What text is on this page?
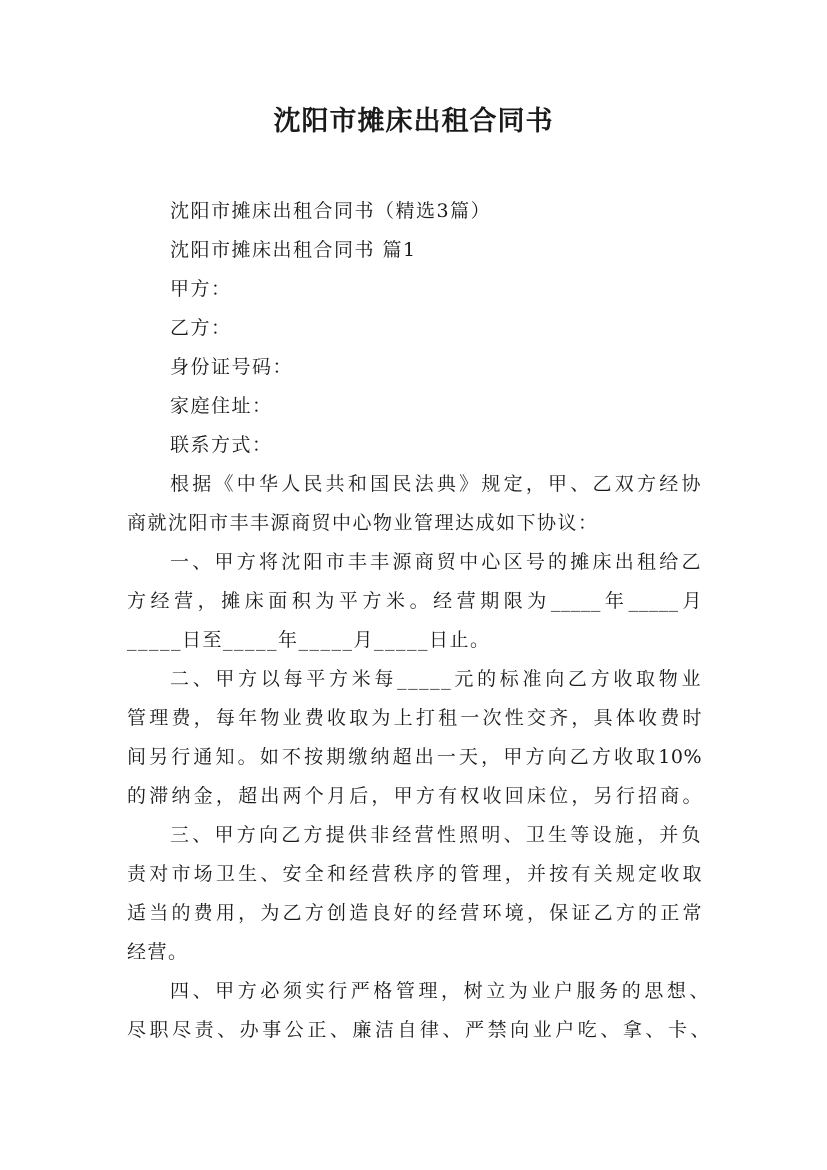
沈阳市摊床出租合同书
沈阳市摊床出租合同书（精选3篇）
沈阳市摊床出租合同书 篇1
甲方：
乙方：
身份证号码：
家庭住址：
联系方式：
根据《中华人民共和国民法典》规定，甲、乙双方经协
商就沈阳市丰丰源商贸中心物业管理达成如下协议：
一、甲方将沈阳市丰丰源商贸中心区号的摊床出租给乙
方经营，摊床面积为平方米。经营期限为_____年_____月
_____日至_____年_____月_____日止。
二、甲方以每平方米每_____元的标准向乙方收取物业
管理费，每年物业费收取为上打租一次性交齐，具体收费时
间另行通知。如不按期缴纳超出一天，甲方向乙方收取10%
的滞纳金，超出两个月后，甲方有权收回床位，另行招商。
三、甲方向乙方提供非经营性照明、卫生等设施，并负
责对市场卫生、安全和经营秩序的管理，并按有关规定收取
适当的费用，为乙方创造良好的经营环境，保证乙方的正常
经营。
四、甲方必须实行严格管理，树立为业户服务的思想、
尽职尽责、办事公正、廉洁自律、严禁向业户吃、拿、卡、
